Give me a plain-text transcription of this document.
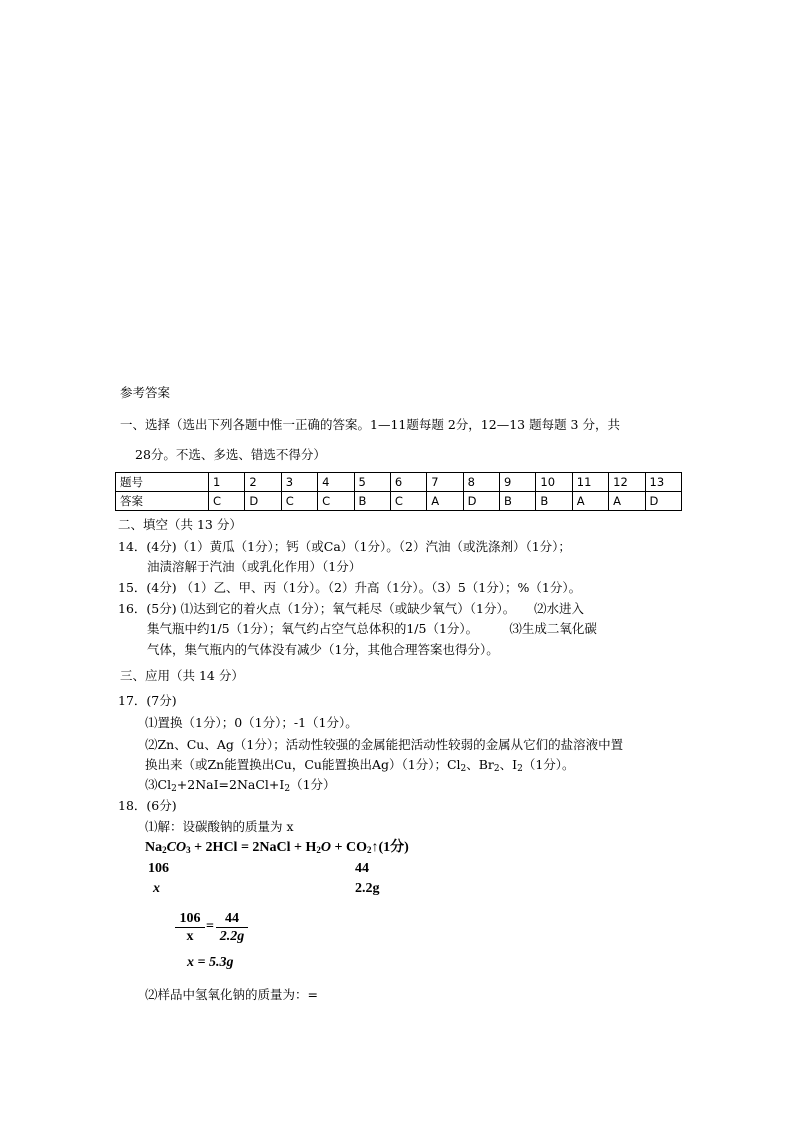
参考答案
一、选择（选出下列各题中惟一正确的答案。1—11题每题 2分，12—13 题每题 3 分，共
28分。不选、多选、错选不得分）
题号	1	2	3	4	5	6	7	8	9	10	11	12	13
答案	C	D	C	C	B	C	A	D	B	B	A	A	D
二、填空（共 13 分）
14．(4分)（1）黄瓜（1分）；钙（或Ca）（1分）。（2）汽油（或洗涤剂）（1分）；
油渍溶解于汽油（或乳化作用）（1分）
15．(4分) （1）乙、甲、丙（1分）。（2）升高（1分）。（3）5（1分）；%（1分）。
16．(5分) ⑴达到它的着火点（1分）；氧气耗尽（或缺少氧气）（1分）。　　⑵水进入
集气瓶中约1/5（1分）；氧气约占空气总体积的1/5（1分）。　　　⑶生成二氧化碳
气体，集气瓶内的气体没有减少（1分，其他合理答案也得分）。
三、应用（共 14 分）
17．(7分)
⑴置换（1分）；0（1分）；-1（1分）。
⑵Zn、Cu、Ag（1分）；活动性较强的金属能把活动性较弱的金属从它们的盐溶液中置
换出来（或Zn能置换出Cu，Cu能置换出Ag）（1分）；$Cl_2$、$Br_2$、$I_2(1$分）。
$⑶Cl_2+2NaI=2NaCl+I_2(1$分）
18．(6分)
⑴解：设碳酸钠的质量为 x
$Na_2CO_3 + 2HCl$ = 2NaCl + $H_2O$ + $CO_2↑(1$分)
106	44
x	2.2g
$\frac{106}{x} = \frac{44}{2.2g}$
x = 5.3g
⑵样品中氢氧化钠的质量为：=
